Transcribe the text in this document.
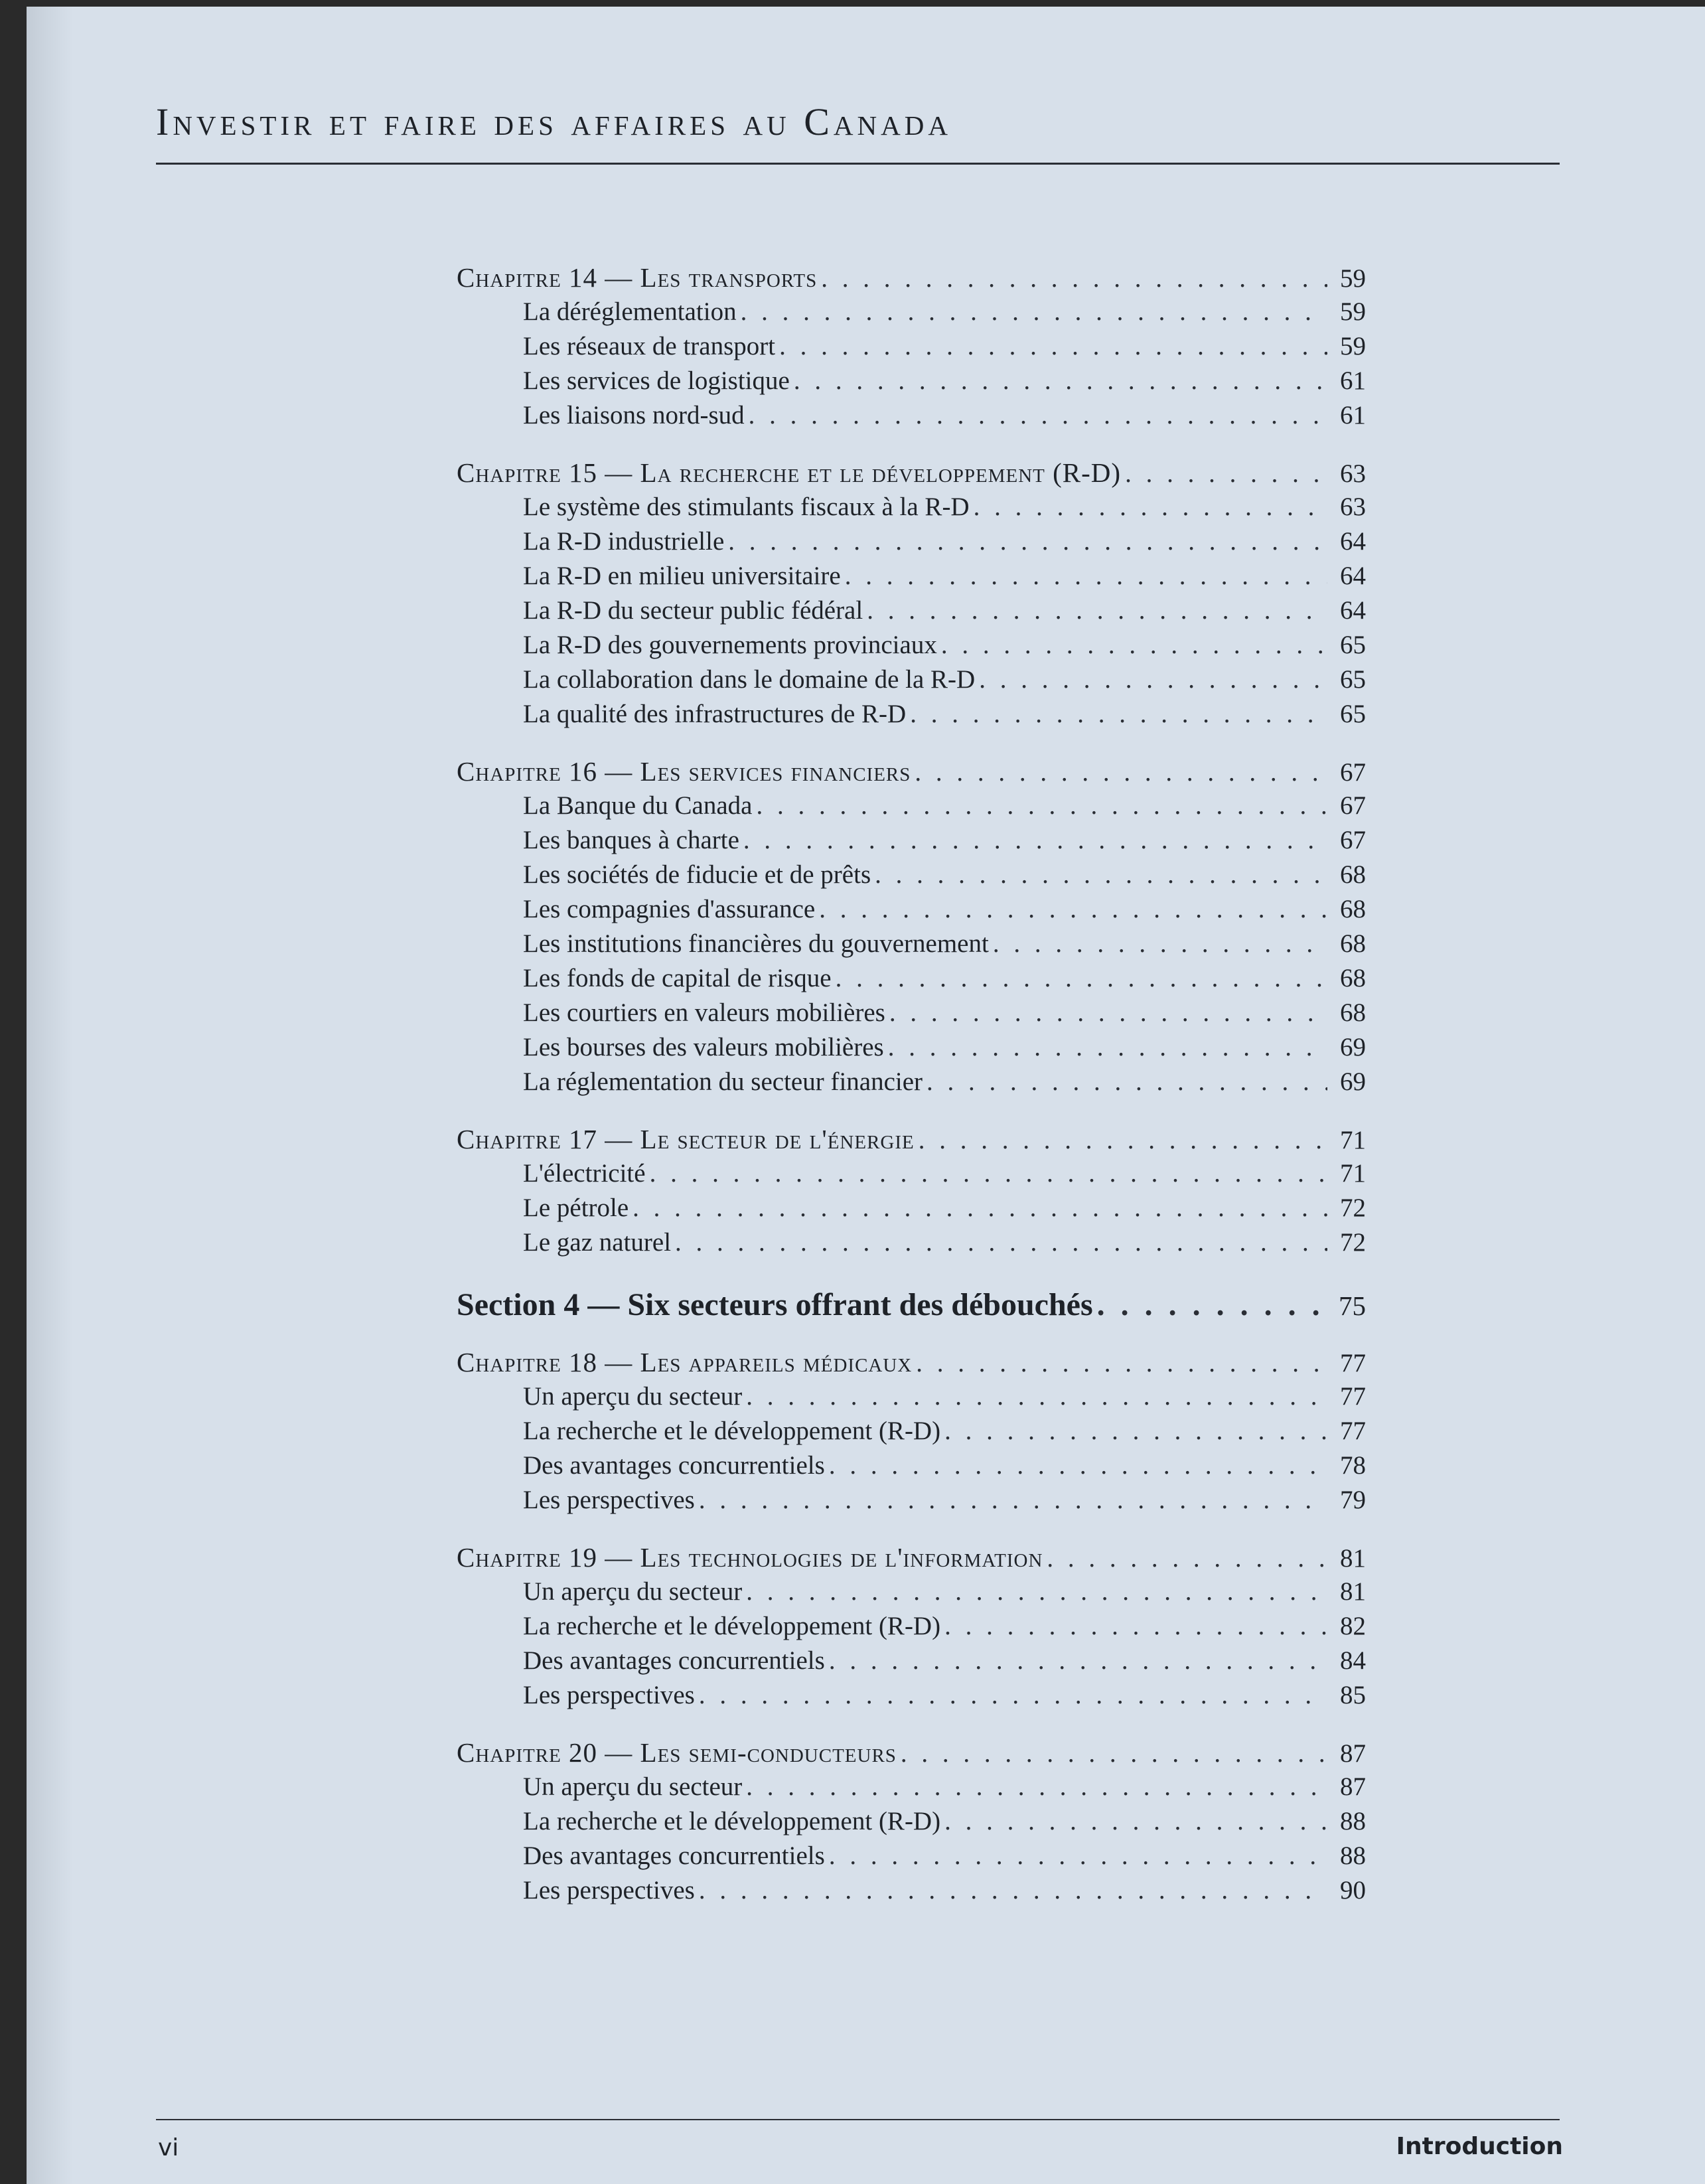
Investir et faire des affaires au Canada
Chapitre 14 — Les transports . . .	59
La déréglementation . . .	59
Les réseaux de transport . . .	59
Les services de logistique . . .	61
Les liaisons nord-sud . . .	61
Chapitre 15 — La recherche et le développement (R-D) . . .	63
Le système des stimulants fiscaux à la R-D . . .	63
La R-D industrielle . . .	64
La R-D en milieu universitaire . . .	64
La R-D du secteur public fédéral . . .	64
La R-D des gouvernements provinciaux . . .	65
La collaboration dans le domaine de la R-D . . .	65
La qualité des infrastructures de R-D . . .	65
Chapitre 16 — Les services financiers . . .	67
La Banque du Canada . . .	67
Les banques à charte . . .	67
Les sociétés de fiducie et de prêts . . .	68
Les compagnies d'assurance . . .	68
Les institutions financières du gouvernement . . .	68
Les fonds de capital de risque . . .	68
Les courtiers en valeurs mobilières . . .	68
Les bourses des valeurs mobilières . . .	69
La réglementation du secteur financier . . .	69
Chapitre 17 — Le secteur de l'énergie . . .	71
L'électricité . . .	71
Le pétrole . . .	72
Le gaz naturel . . .	72
Section 4 — Six secteurs offrant des débouchés . . .	75
Chapitre 18 — Les appareils médicaux . . .	77
Un aperçu du secteur . . .	77
La recherche et le développement (R-D) . . .	77
Des avantages concurrentiels . . .	78
Les perspectives . . .	79
Chapitre 19 — Les technologies de l'information . . .	81
Un aperçu du secteur . . .	81
La recherche et le développement (R-D) . . .	82
Des avantages concurrentiels . . .	84
Les perspectives . . .	85
Chapitre 20 — Les semi-conducteurs . . .	87
Un aperçu du secteur . . .	87
La recherche et le développement (R-D) . . .	88
Des avantages concurrentiels . . .	88
Les perspectives . . .	90
vi	Introduction
